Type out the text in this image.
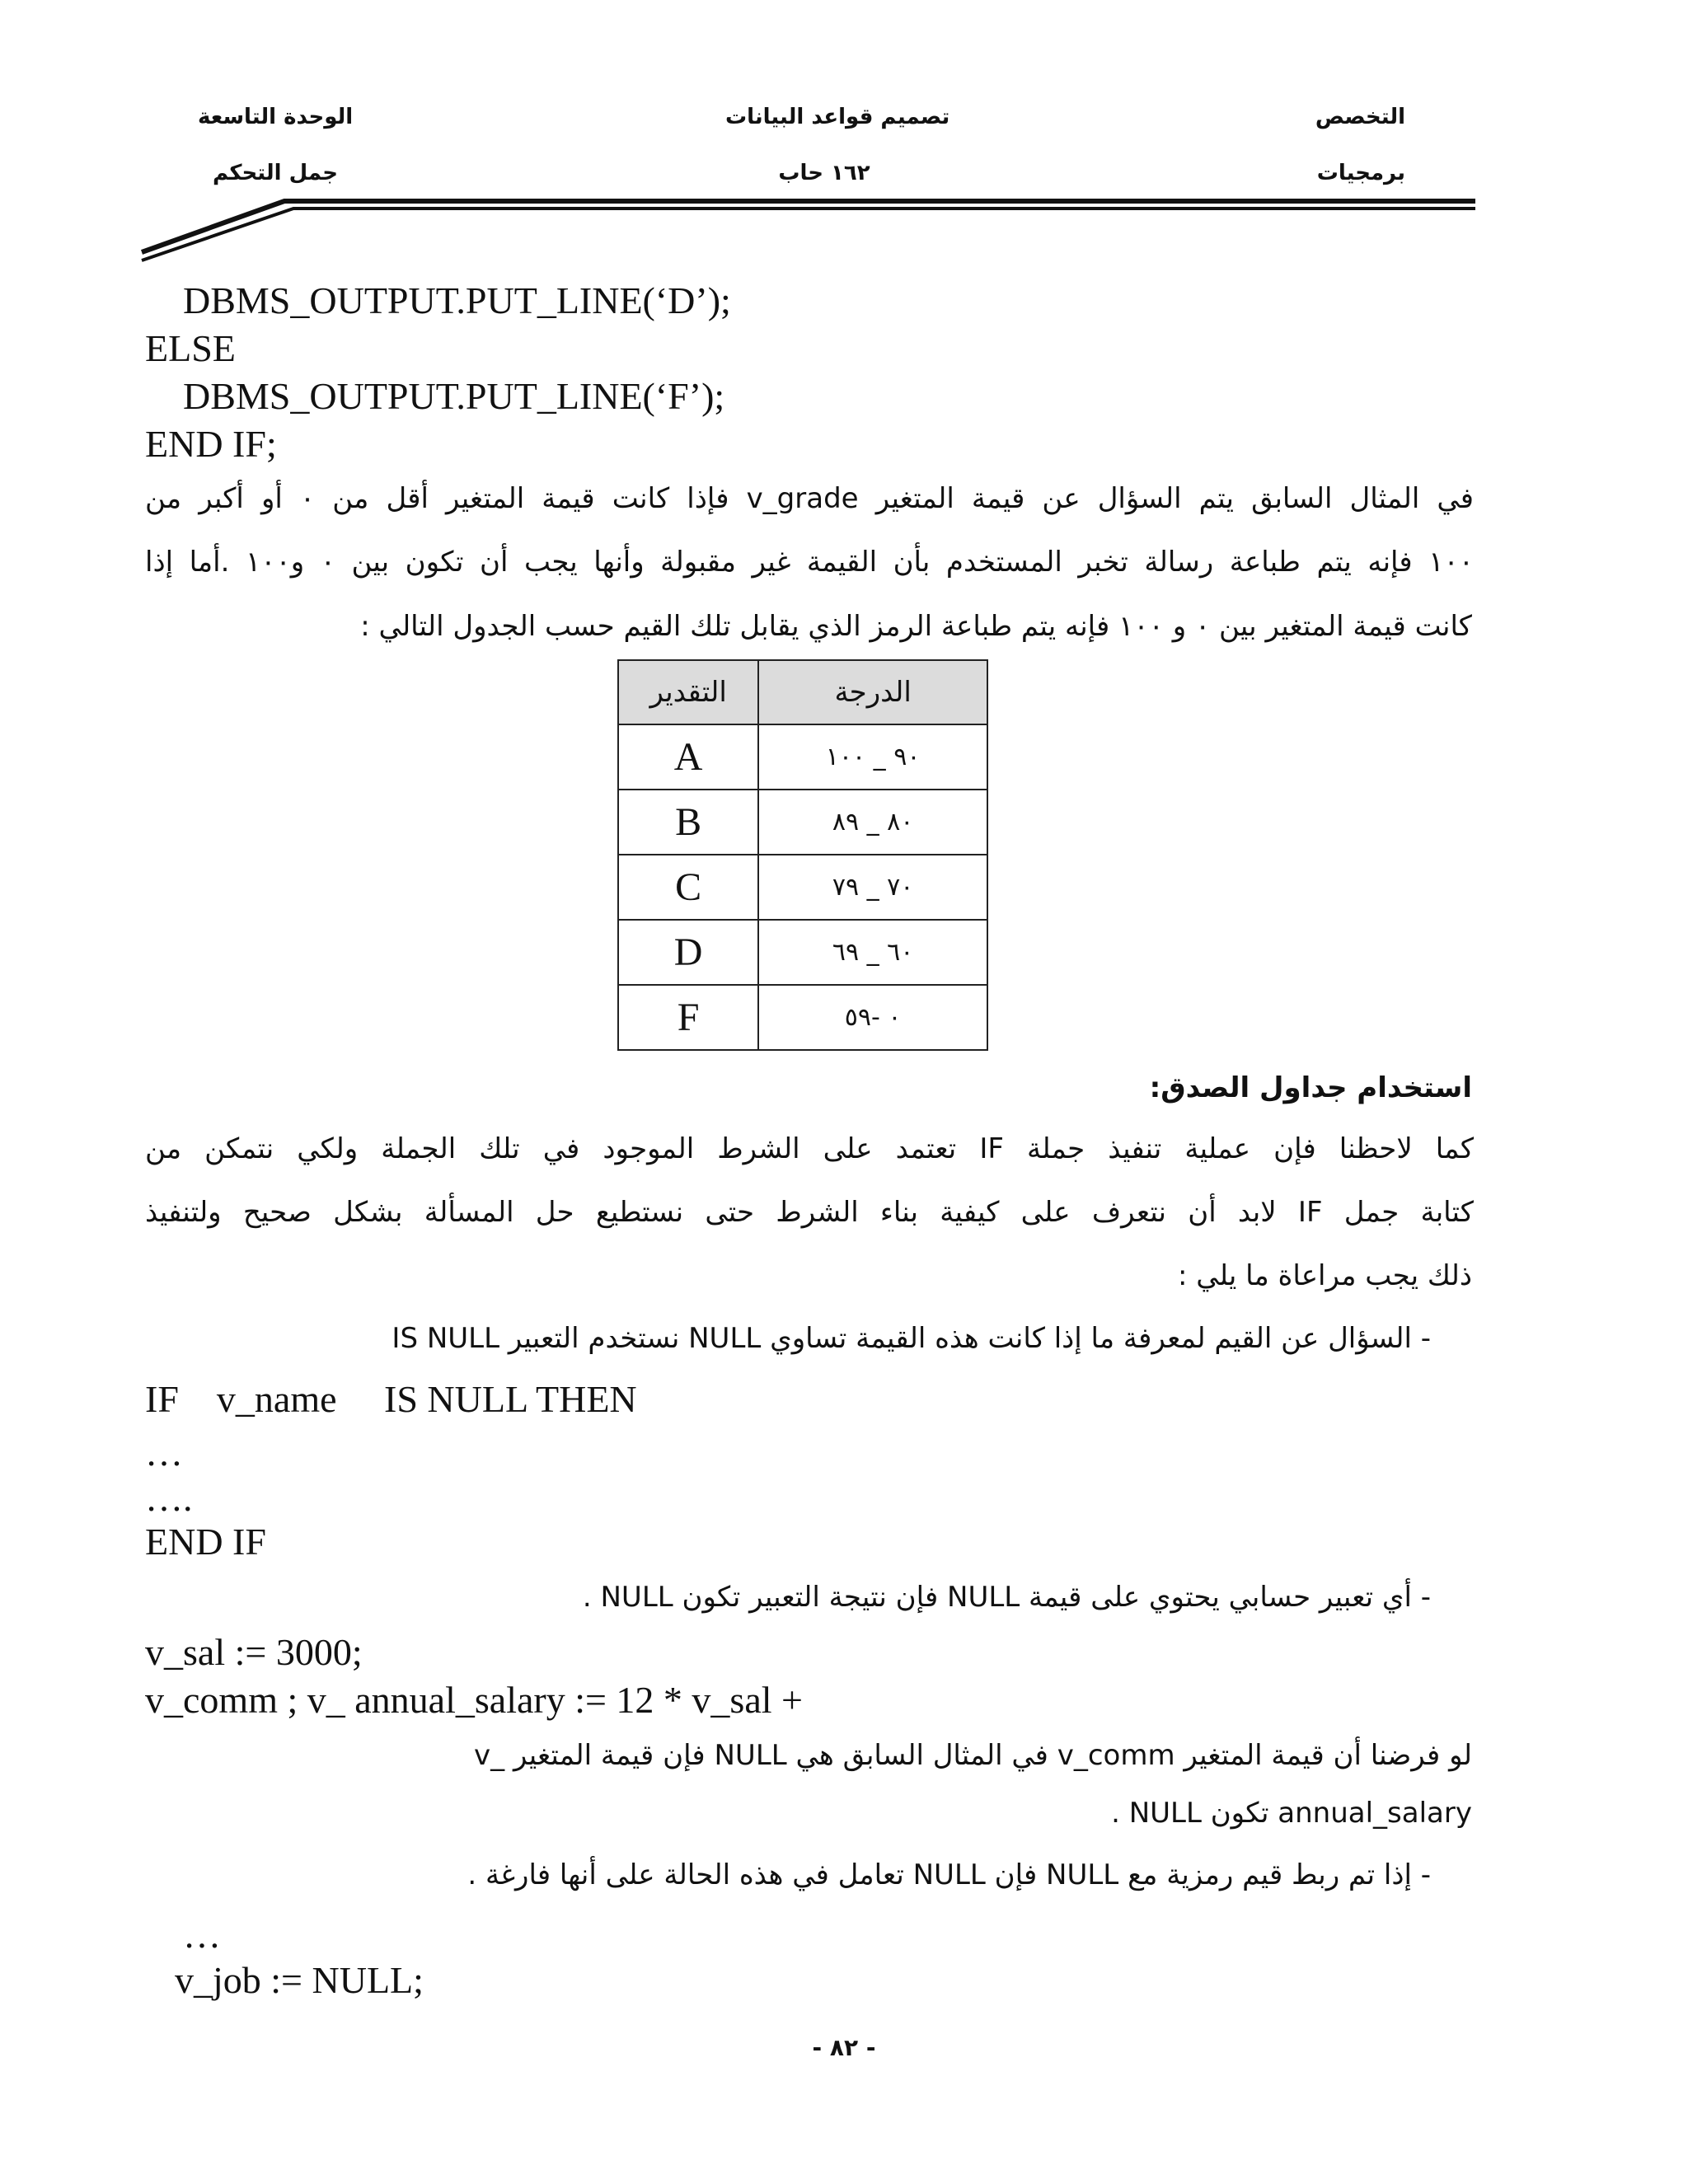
التخصص
برمجيات
تصميم قواعد البيانات
١٦٢ حاب
الوحدة التاسعة
جمل التحكم
DBMS_OUTPUT.PUT_LINE(‘D’);
ELSE
DBMS_OUTPUT.PUT_LINE(‘F’);
END IF;
في المثال السابق يتم السؤال عن قيمة المتغير v_grade فإذا كانت قيمة المتغير أقل من ٠ أو أكبر من
١٠٠ فإنه يتم طباعة رسالة تخبر المستخدم بأن القيمة غير مقبولة وأنها يجب أن تكون بين ٠ و١٠٠ .أما إذا
كانت قيمة المتغير بين ٠ و ١٠٠ فإنه يتم طباعة الرمز الذي يقابل تلك القيم حسب الجدول التالي :
التقدير	الدرجة
A	٩٠ _ ١٠٠
B	٨٠ _ ٨٩
C	٧٠ _ ٧٩
D	٦٠ _ ٦٩
F	٠ -٥٩
استخدام جداول الصدق:
كما لاحظنا فإن عملية تنفيذ جملة IF تعتمد على الشرط الموجود في تلك الجملة ولكي نتمكن من
كتابة جمل IF لابد أن نتعرف على كيفية بناء الشرط حتى نستطيع حل المسألة بشكل صحيح ولتنفيذ
ذلك يجب مراعاة ما يلي :
- السؤال عن القيم لمعرفة ما إذا كانت هذه القيمة تساوي NULL نستخدم التعبير IS NULL
IF    v_name     IS NULL THEN
…
….
END IF
- أي تعبير حسابي يحتوي على قيمة NULL فإن نتيجة التعبير تكون NULL .
v_sal := 3000;
v_comm ; v_ annual_salary := 12 * v_sal +
لو فرضنا أن قيمة المتغير v_comm في المثال السابق هي NULL فإن قيمة المتغير _v
annual_salary تكون NULL .
- إذا تم ربط قيم رمزية مع NULL فإن NULL تعامل في هذه الحالة على أنها فارغة .
…
v_job := NULL;
- ٨٢ -
